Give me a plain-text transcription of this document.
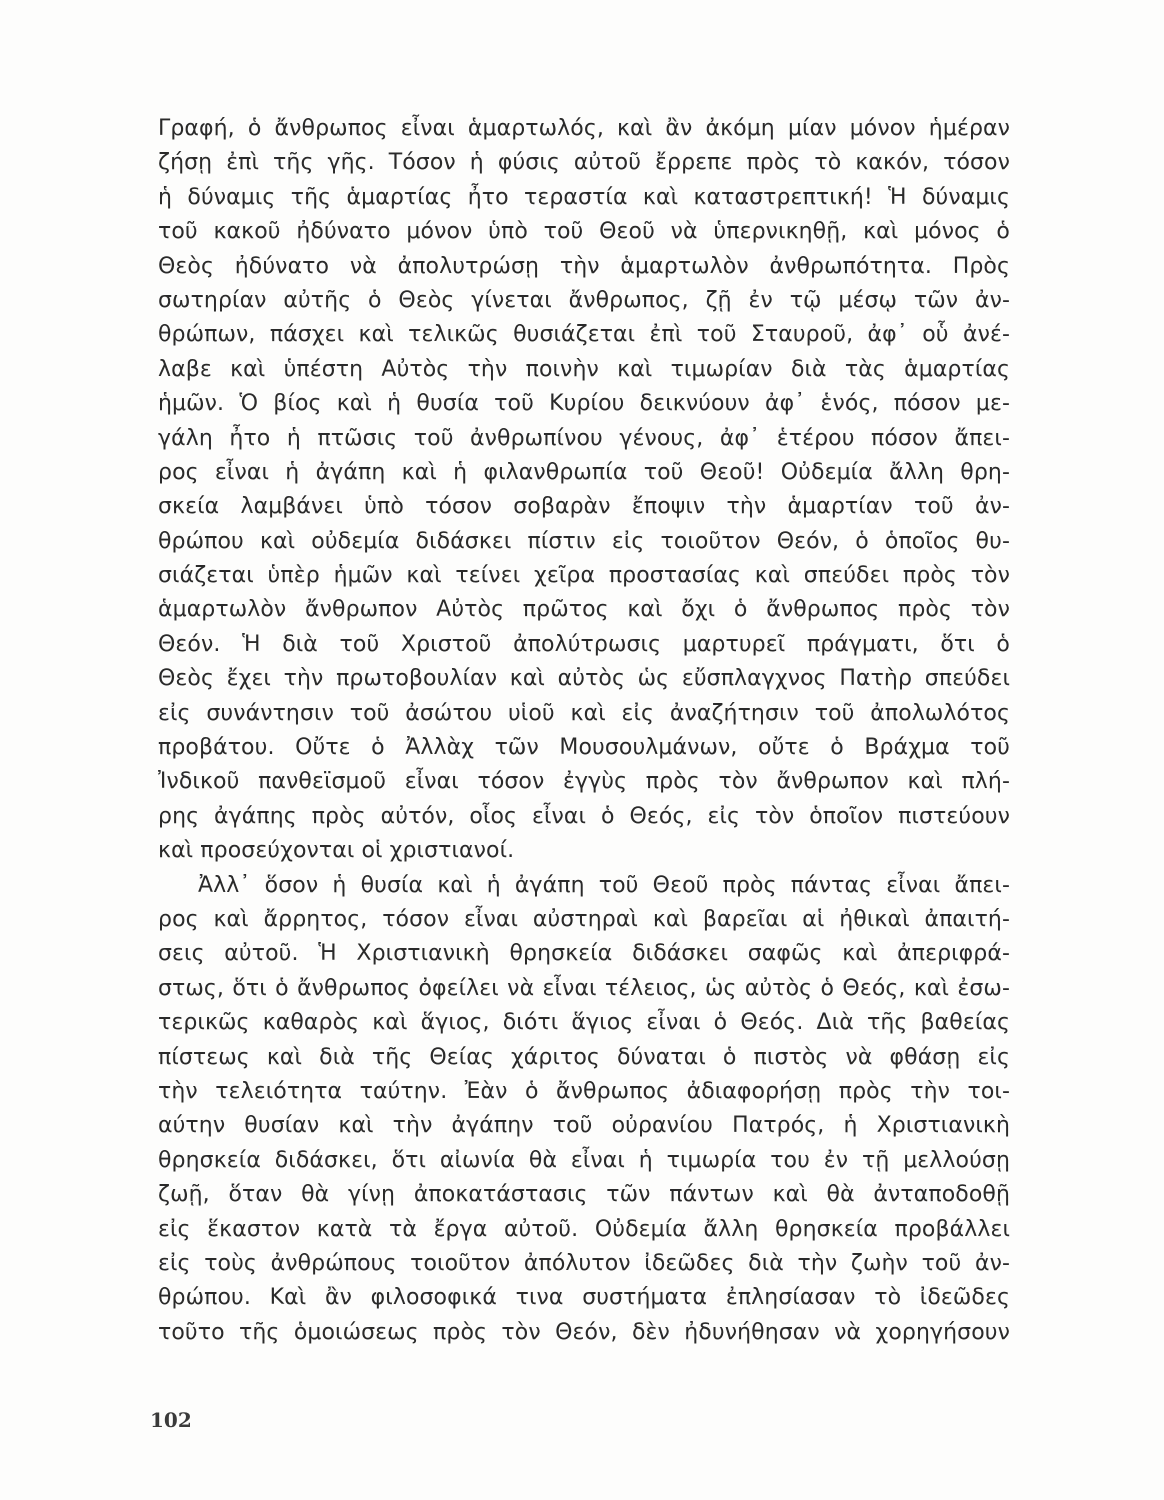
Γραφή, ὁ ἄνθρωπος εἶναι ἁμαρτωλός, καὶ ἂν ἀκόμη μίαν μόνον ἡμέραν
ζήσῃ ἐπὶ τῆς γῆς. Τόσον ἡ φύσις αὐτοῦ ἔρρεπε πρὸς τὸ κακόν, τόσον
ἡ δύναμις τῆς ἁμαρτίας ἦτο τεραστία καὶ καταστρεπτική! Ἡ δύναμις
τοῦ κακοῦ ἠδύνατο μόνον ὑπὸ τοῦ Θεοῦ νὰ ὑπερνικηθῇ, καὶ μόνος ὁ
Θεὸς ἠδύνατο νὰ ἀπολυτρώσῃ τὴν ἁμαρτωλὸν ἀνθρωπότητα. Πρὸς
σωτηρίαν αὐτῆς ὁ Θεὸς γίνεται ἄνθρωπος, ζῇ ἐν τῷ μέσῳ τῶν ἀν-
θρώπων, πάσχει καὶ τελικῶς θυσιάζεται ἐπὶ τοῦ Σταυροῦ, ἀφ᾿ οὗ ἀνέ-
λαβε καὶ ὑπέστη Αὐτὸς τὴν ποινὴν καὶ τιμωρίαν διὰ τὰς ἁμαρτίας
ἡμῶν. Ὁ βίος καὶ ἡ θυσία τοῦ Κυρίου δεικνύουν ἀφ᾿ ἑνός, πόσον με-
γάλη ἦτο ἡ πτῶσις τοῦ ἀνθρωπίνου γένους, ἀφ᾿ ἑτέρου πόσον ἄπει-
ρος εἶναι ἡ ἀγάπη καὶ ἡ φιλανθρωπία τοῦ Θεοῦ! Οὐδεμία ἄλλη θρη-
σκεία λαμβάνει ὑπὸ τόσον σοβαρὰν ἔποψιν τὴν ἁμαρτίαν τοῦ ἀν-
θρώπου καὶ οὐδεμία διδάσκει πίστιν εἰς τοιοῦτον Θεόν, ὁ ὁποῖος θυ-
σιάζεται ὑπὲρ ἡμῶν καὶ τείνει χεῖρα προστασίας καὶ σπεύδει πρὸς τὸν
ἁμαρτωλὸν ἄνθρωπον Αὐτὸς πρῶτος καὶ ὄχι ὁ ἄνθρωπος πρὸς τὸν
Θεόν. Ἡ διὰ τοῦ Χριστοῦ ἀπολύτρωσις μαρτυρεῖ πράγματι, ὅτι ὁ
Θεὸς ἔχει τὴν πρωτοβουλίαν καὶ αὐτὸς ὡς εὔσπλαγχνος Πατὴρ σπεύδει
εἰς συνάντησιν τοῦ ἀσώτου υἱοῦ καὶ εἰς ἀναζήτησιν τοῦ ἀπολωλότος
προβάτου. Οὔτε ὁ Ἀλλὰχ τῶν Μουσουλμάνων, οὔτε ὁ Βράχμα τοῦ
Ἰνδικοῦ πανθεϊσμοῦ εἶναι τόσον ἐγγὺς πρὸς τὸν ἄνθρωπον καὶ πλή-
ρης ἀγάπης πρὸς αὐτόν, οἷος εἶναι ὁ Θεός, εἰς τὸν ὁποῖον πιστεύουν
καὶ προσεύχονται οἱ χριστιανοί.
Ἀλλ᾿ ὅσον ἡ θυσία καὶ ἡ ἀγάπη τοῦ Θεοῦ πρὸς πάντας εἶναι ἄπει-
ρος καὶ ἄρρητος, τόσον εἶναι αὐστηραὶ καὶ βαρεῖαι αἱ ἠθικαὶ ἀπαιτή-
σεις αὐτοῦ. Ἡ Χριστιανικὴ θρησκεία διδάσκει σαφῶς καὶ ἀπεριφρά-
στως, ὅτι ὁ ἄνθρωπος ὀφείλει νὰ εἶναι τέλειος, ὡς αὐτὸς ὁ Θεός, καὶ ἐσω-
τερικῶς καθαρὸς καὶ ἅγιος, διότι ἅγιος εἶναι ὁ Θεός. Διὰ τῆς βαθείας
πίστεως καὶ διὰ τῆς Θείας χάριτος δύναται ὁ πιστὸς νὰ φθάσῃ εἰς
τὴν τελειότητα ταύτην. Ἐὰν ὁ ἄνθρωπος ἀδιαφορήσῃ πρὸς τὴν τοι-
αύτην θυσίαν καὶ τὴν ἀγάπην τοῦ οὐρανίου Πατρός, ἡ Χριστιανικὴ
θρησκεία διδάσκει, ὅτι αἰωνία θὰ εἶναι ἡ τιμωρία του ἐν τῇ μελλούσῃ
ζωῇ, ὅταν θὰ γίνῃ ἀποκατάστασις τῶν πάντων καὶ θὰ ἀνταποδοθῇ
εἰς ἕκαστον κατὰ τὰ ἔργα αὐτοῦ. Οὐδεμία ἄλλη θρησκεία προβάλλει
εἰς τοὺς ἀνθρώπους τοιοῦτον ἀπόλυτον ἰδεῶδες διὰ τὴν ζωὴν τοῦ ἀν-
θρώπου. Καὶ ἂν φιλοσοφικά τινα συστήματα ἐπλησίασαν τὸ ἰδεῶδες
τοῦτο τῆς ὁμοιώσεως πρὸς τὸν Θεόν, δὲν ἠδυνήθησαν νὰ χορηγήσουν
102
